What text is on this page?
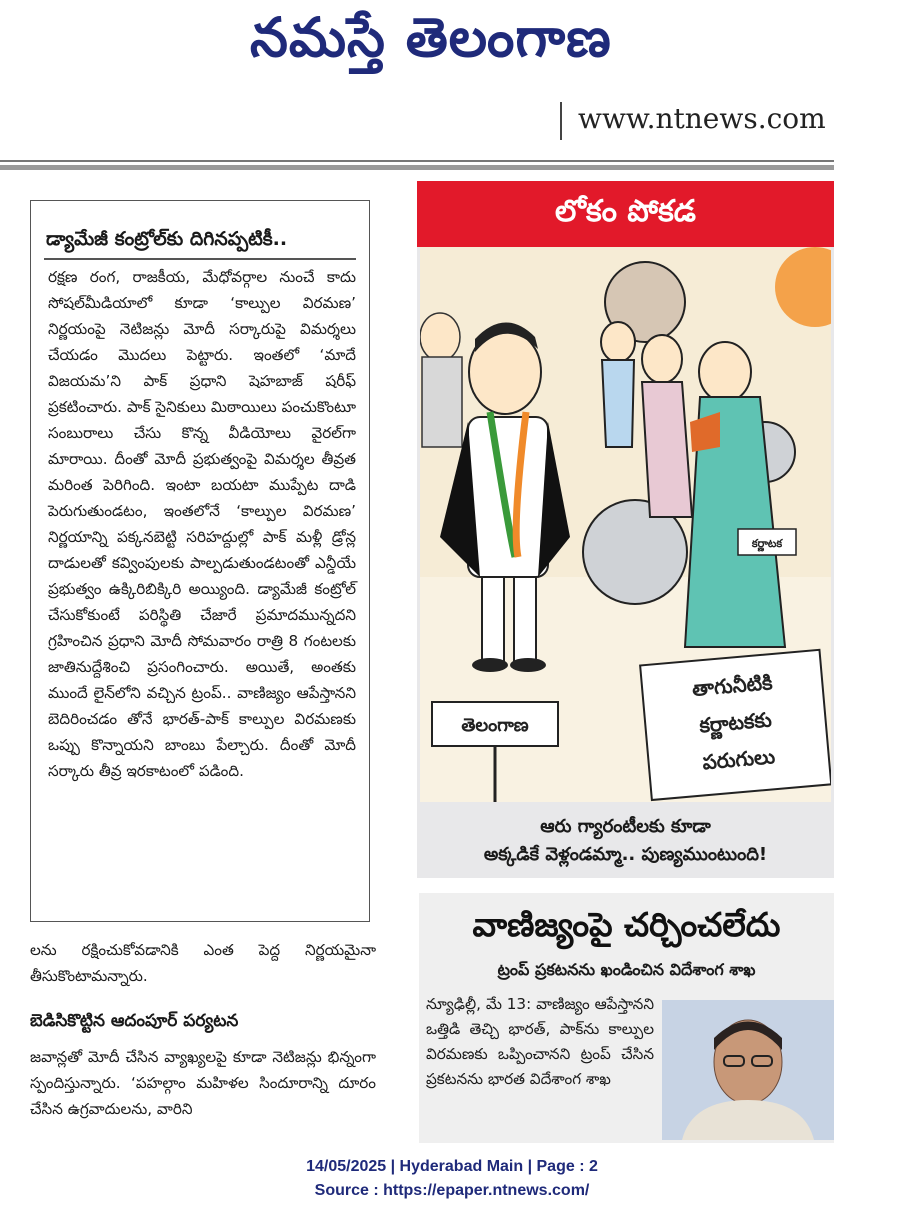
నమస్తే తెలంగాణ
www.ntnews.com
డ్యామేజీ కంట్రోల్‌కు దిగినప్పటికీ..
రక్షణ రంగ, రాజకీయ, మేధోవర్గాల నుంచే కాదు సోషల్‌మీడియాలో కూడా ‘కాల్పుల విరమణ’ నిర్ణయంపై నెటిజన్లు మోదీ సర్కారుపై విమర్శలు చేయడం మొదలు పెట్టారు. ఇంతలో ‘మాదే విజయమ’ని పాక్‌ ప్రధాని షెహబాజ్‌ షరీఫ్‌ ప్రకటించారు. పాక్‌ సైనికులు మిఠాయిలు పంచుకొంటూ సంబురాలు చేసు కొన్న వీడియోలు వైరల్‌గా మారాయి. దీంతో మోదీ ప్రభుత్వంపై విమర్శల తీవ్రత మరింత పెరిగింది. ఇంటా బయటా ముప్పేట దాడి పెరుగుతుండటం, ఇంతలోనే ‘కాల్పుల విరమణ’ నిర్ణయాన్ని పక్కనబెట్టి సరిహద్దుల్లో పాక్‌ మళ్లీ డ్రోన్ల దాడులతో కవ్వింపులకు పాల్పడుతుండటంతో ఎన్డీయే ప్రభుత్వం ఉక్కిరిబిక్కిరి అయ్యింది. డ్యామేజీ కంట్రోల్‌ చేసుకోకుంటే పరిస్థితి చేజారే ప్రమాదమున్నదని గ్రహించిన ప్రధాని మోదీ సోమవారం రాత్రి 8 గంటలకు జాతినుద్దేశించి ప్రసంగించారు. అయితే, అంతకు ముందే లైన్‌లోని వచ్చిన ట్రంప్‌.. వాణిజ్యం ఆపేస్తానని బెదిరించడం తోనే భారత్‌-పాక్‌ కాల్పుల విరమణకు ఒప్పు కొన్నాయని బాంబు పేల్చారు. దీంతో మోదీ సర్కారు తీవ్ర ఇరకాటంలో పడింది.
లను రక్షించుకోవడానికి ఎంత పెద్ద నిర్ణయమైనా తీసుకొంటామన్నారు.
బెడిసికొట్టిన ఆదంపూర్‌ పర్యటన
జవాన్లతో మోదీ చేసిన వ్యాఖ్యలపై కూడా నెటిజన్లు భిన్నంగా స్పందిస్తున్నారు. ‘పహల్గాం మహిళల సిందూరాన్ని దూరం చేసిన ఉగ్రవాదులను, వారిని
లోకం పోకడ
కర్ణాటక
తెలంగాణ
తాగునీటికి
కర్ణాటకకు
పరుగులు
ఆరు గ్యారంటీలకు కూడా
అక్కడికే వెళ్లండమ్మా.. పుణ్యముంటుంది!
వాణిజ్యంపై చర్చించలేదు
ట్రంప్‌ ప్రకటనను ఖండించిన విదేశాంగ శాఖ
న్యూఢిల్లీ, మే 13: వాణిజ్యం ఆపేస్తానని ఒత్తిడి తెచ్చి భారత్‌, పాక్‌ను కాల్పుల విరమణకు ఒప్పించానని ట్రంప్‌ చేసిన ప్రకటనను భారత విదేశాంగ శాఖ
14/05/2025 | Hyderabad Main | Page : 2
Source : https://epaper.ntnews.com/
